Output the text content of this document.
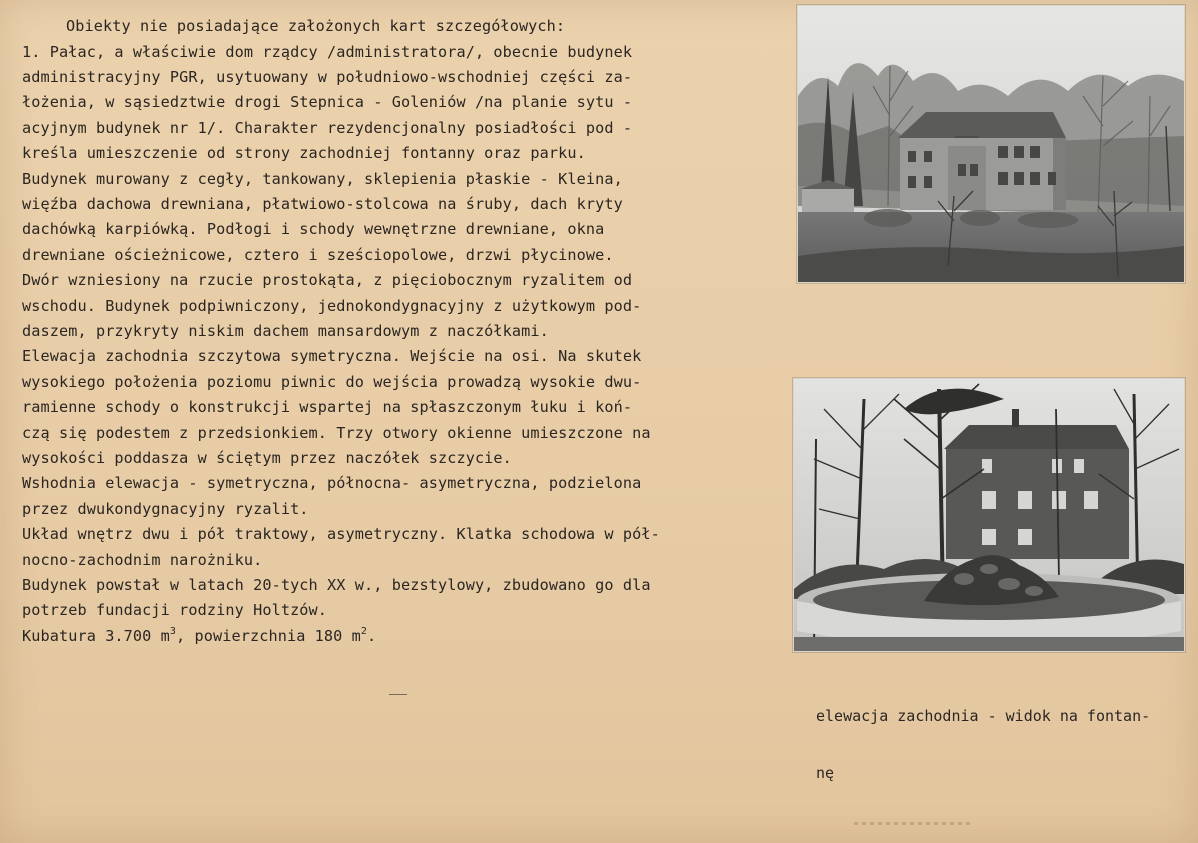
Obiekty nie posiadające założonych kart szczegółowych:
1. Pałac, a właściwie dom rządcy /administratora/, obecnie budynek
administracyjny PGR, usytuowany w południowo-wschodniej części za-
łożenia, w sąsiedztwie drogi Stepnica - Goleniów /na planie sytu -
acyjnym budynek nr 1/. Charakter rezydencjonalny posiadłości pod -
kreśla umieszczenie od strony zachodniej fontanny oraz parku.
Budynek murowany z cegły, tankowany, sklepienia płaskie - Kleina,
więźba dachowa drewniana, płatwiowo-stolcowa na śruby, dach kryty
dachówką karpiówką. Podłogi i schody wewnętrzne drewniane, okna
drewniane ościeżnicowe, cztero i sześciopolowe, drzwi płycinowe.
Dwór wzniesiony na rzucie prostokąta, z pięciobocznym ryzalitem od
wschodu. Budynek podpiwniczony, jednokondygnacyjny z użytkowym pod-
daszem, przykryty niskim dachem mansardowym z naczółkami.
Elewacja zachodnia szczytowa symetryczna. Wejście na osi. Na skutek
wysokiego położenia poziomu piwnic do wejścia prowadzą wysokie dwu-
ramienne schody o konstrukcji wspartej na spłaszczonym łuku i koń-
czą się podestem z przedsionkiem. Trzy otwory okienne umieszczone na
wysokości poddasza w ściętym przez naczółek szczycie.
Wshodnia elewacja - symetryczna, północna- asymetryczna, podzielona
przez dwukondygnacyjny ryzalit.
Układ wnętrz dwu i pół traktowy, asymetryczny. Klatka schodowa w pół-
nocno-zachodnim narożniku.
Budynek powstał w latach 20-tych XX w., bezstylowy, zbudowano go dla
potrzeb fundacji rodziny Holtzów.
Kubatura 3.700 $m^3$, powierzchnia 180 $m^2$.

elewacja zachodnia - widok na fontan-

nę
